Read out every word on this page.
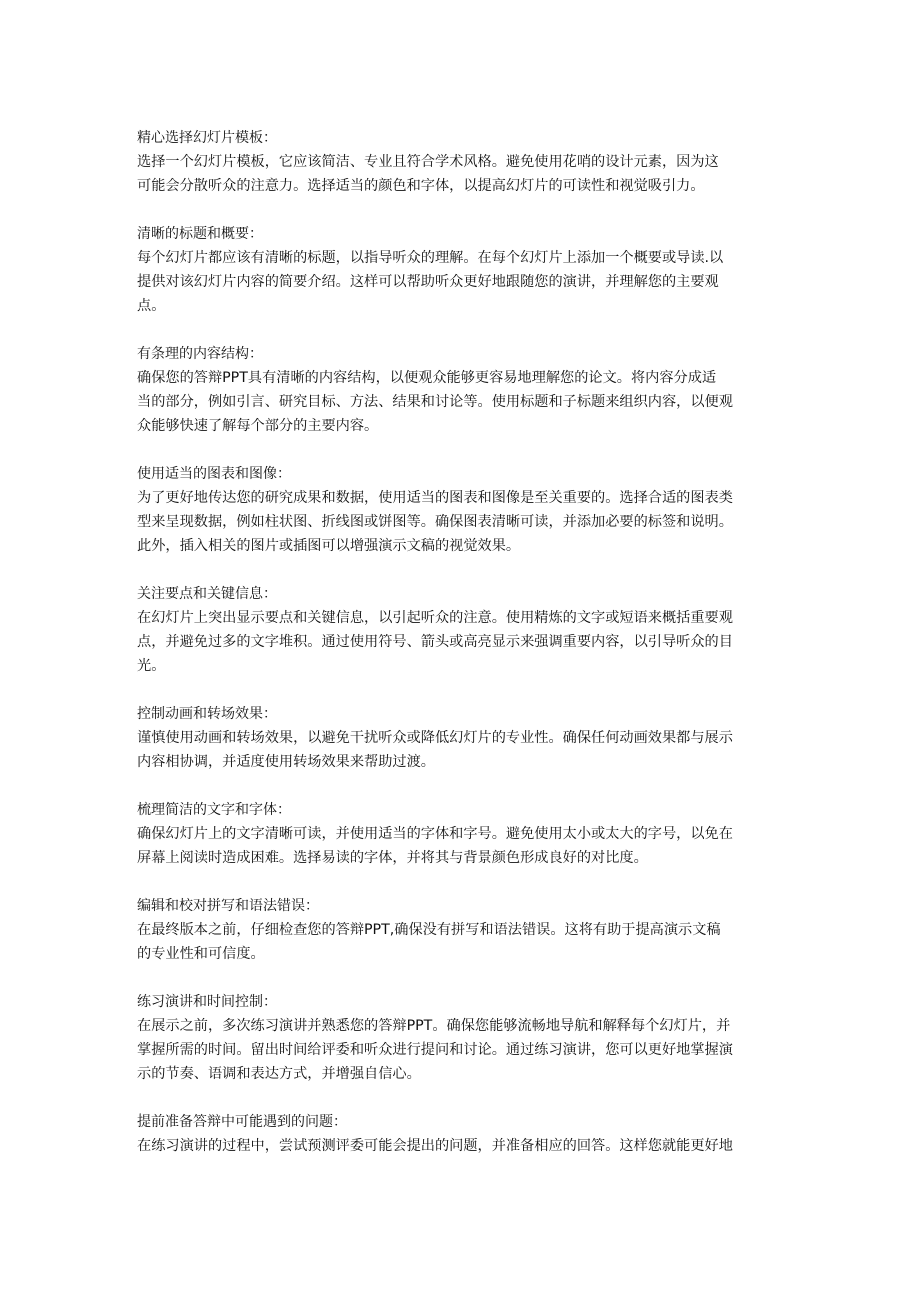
精心选择幻灯片模板：
选择一个幻灯片模板，它应该简洁、专业且符合学术风格。避免使用花哨的设计元素，因为这
可能会分散听众的注意力。选择适当的颜色和字体，以提高幻灯片的可读性和视觉吸引力。
清晰的标题和概要：
每个幻灯片都应该有清晰的标题，以指导听众的理解。在每个幻灯片上添加一个概要或导读.以
提供对该幻灯片内容的简要介绍。这样可以帮助听众更好地跟随您的演讲，并理解您的主要观
点。
有条理的内容结构：
确保您的答辩PPT具有清晰的内容结构，以便观众能够更容易地理解您的论文。将内容分成适
当的部分，例如引言、研究目标、方法、结果和讨论等。使用标题和子标题来组织内容，以便观
众能够快速了解每个部分的主要内容。
使用适当的图表和图像：
为了更好地传达您的研究成果和数据，使用适当的图表和图像是至关重要的。选择合适的图表类
型来呈现数据，例如柱状图、折线图或饼图等。确保图表清晰可读，并添加必要的标签和说明。
此外，插入相关的图片或插图可以增强演示文稿的视觉效果。
关注要点和关键信息：
在幻灯片上突出显示要点和关键信息，以引起听众的注意。使用精炼的文字或短语来概括重要观
点，并避免过多的文字堆积。通过使用符号、箭头或高亮显示来强调重要内容，以引导听众的目
光。
控制动画和转场效果：
谨慎使用动画和转场效果，以避免干扰听众或降低幻灯片的专业性。确保任何动画效果都与展示
内容相协调，并适度使用转场效果来帮助过渡。
梳理简洁的文字和字体：
确保幻灯片上的文字清晰可读，并使用适当的字体和字号。避免使用太小或太大的字号，以免在
屏幕上阅读时造成困难。选择易读的字体，并将其与背景颜色形成良好的对比度。
编辑和校对拼写和语法错误：
在最终版本之前，仔细检查您的答辩PPT,确保没有拼写和语法错误。这将有助于提高演示文稿
的专业性和可信度。
练习演讲和时间控制：
在展示之前，多次练习演讲并熟悉您的答辩PPT。确保您能够流畅地导航和解释每个幻灯片，并
掌握所需的时间。留出时间给评委和听众进行提问和讨论。通过练习演讲，您可以更好地掌握演
示的节奏、语调和表达方式，并增强自信心。
提前准备答辩中可能遇到的问题：
在练习演讲的过程中，尝试预测评委可能会提出的问题，并准备相应的回答。这样您就能更好地
